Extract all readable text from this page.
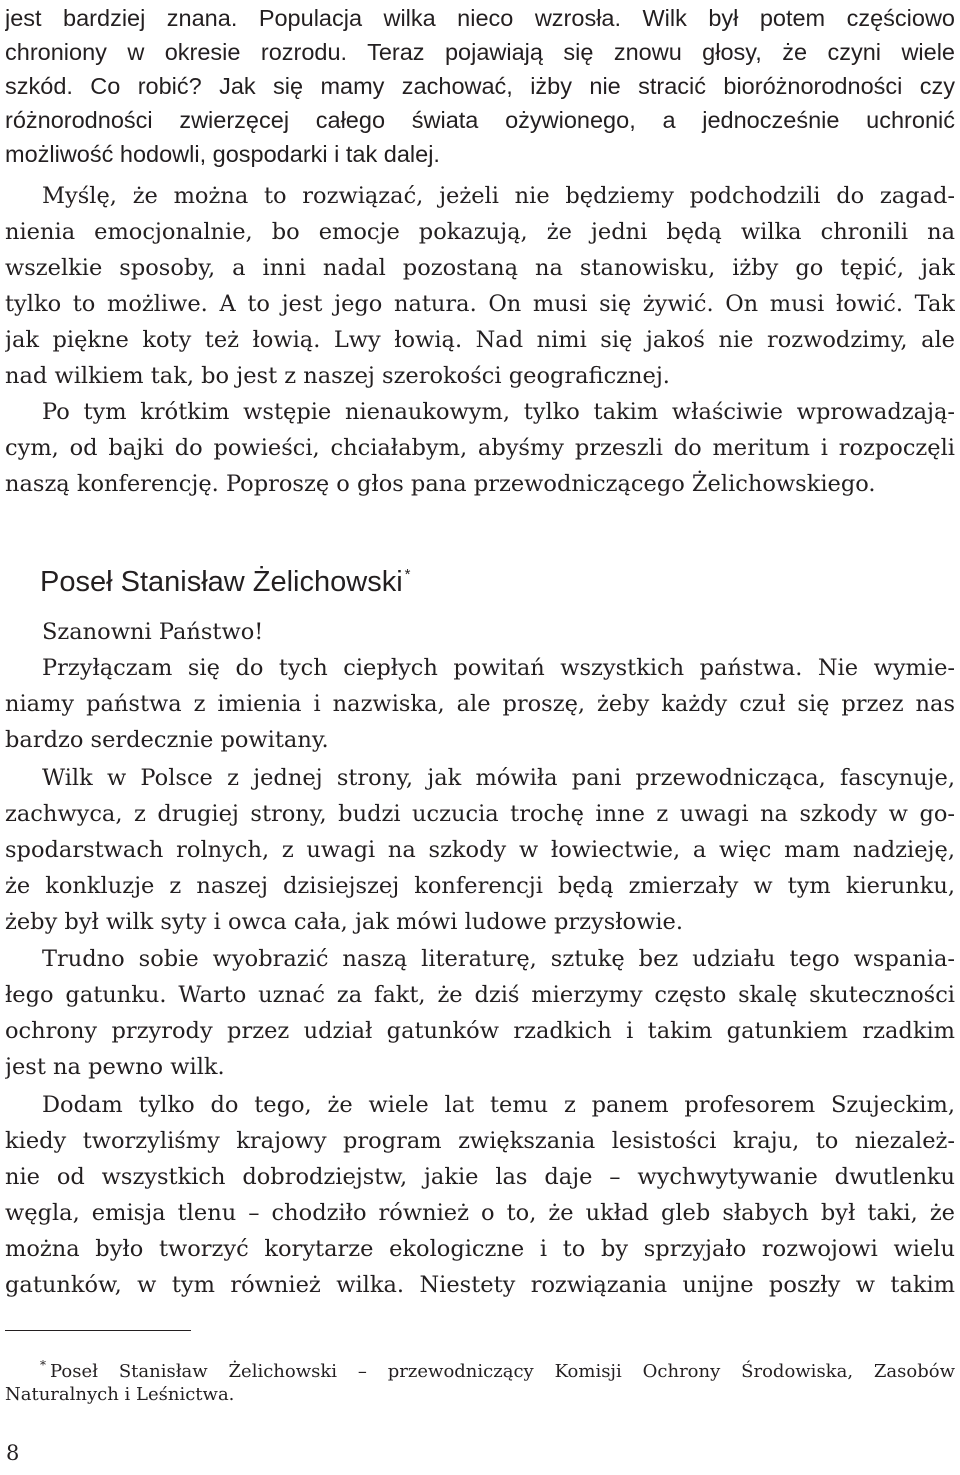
jest bardziej znana. Populacja wilka nieco wzrosła. Wilk był potem częściowo
chroniony w okresie rozrodu. Teraz pojawiają się znowu głosy, że czyni wiele
szkód. Co robić? Jak się mamy zachować, iżby nie stracić bioróżnorodności czy
różnorodności zwierzęcej całego świata ożywionego, a jednocześnie uchronić
możliwość hodowli, gospodarki i tak dalej.
Myślę, że można to rozwiązać, jeżeli nie będziemy podchodzili do zagad-
nienia emocjonalnie, bo emocje pokazują, że jedni będą wilka chronili na
wszelkie sposoby, a inni nadal pozostaną na stanowisku, iżby go tępić, jak
tylko to możliwe. A to jest jego natura. On musi się żywić. On musi łowić. Tak
jak piękne koty też łowią. Lwy łowią. Nad nimi się jakoś nie rozwodzimy, ale
nad wilkiem tak, bo jest z naszej szerokości geograficznej.
Po tym krótkim wstępie nienaukowym, tylko takim właściwie wprowadzają-
cym, od bajki do powieści, chciałabym, abyśmy przeszli do meritum i rozpoczęli
naszą konferencję. Poproszę o głos pana przewodniczącego Żelichowskiego.
Poseł Stanisław Żelichowski *
Szanowni Państwo!
Przyłączam się do tych ciepłych powitań wszystkich państwa. Nie wymie-
niamy państwa z imienia i nazwiska, ale proszę, żeby każdy czuł się przez nas
bardzo serdecznie powitany.
Wilk w Polsce z jednej strony, jak mówiła pani przewodnicząca, fascynuje,
zachwyca, z drugiej strony, budzi uczucia trochę inne z uwagi na szkody w go-
spodarstwach rolnych, z uwagi na szkody w łowiectwie, a więc mam nadzieję,
że konkluzje z naszej dzisiejszej konferencji będą zmierzały w tym kierunku,
żeby był wilk syty i owca cała, jak mówi ludowe przysłowie.
Trudno sobie wyobrazić naszą literaturę, sztukę bez udziału tego wspania-
łego gatunku. Warto uznać za fakt, że dziś mierzymy często skalę skuteczności
ochrony przyrody przez udział gatunków rzadkich i takim gatunkiem rzadkim
jest na pewno wilk.
Dodam tylko do tego, że wiele lat temu z panem profesorem Szujeckim,
kiedy tworzyliśmy krajowy program zwiększania lesistości kraju, to niezależ-
nie od wszystkich dobrodziejstw, jakie las daje – wychwytywanie dwutlenku
węgla, emisja tlenu – chodziło również o to, że układ gleb słabych był taki, że
można było tworzyć korytarze ekologiczne i to by sprzyjało rozwojowi wielu
gatunków, w tym również wilka. Niestety rozwiązania unijne poszły w takim
* Poseł Stanisław Żelichowski – przewodniczący Komisji Ochrony Środowiska, Zasobów
Naturalnych i Leśnictwa.
8
